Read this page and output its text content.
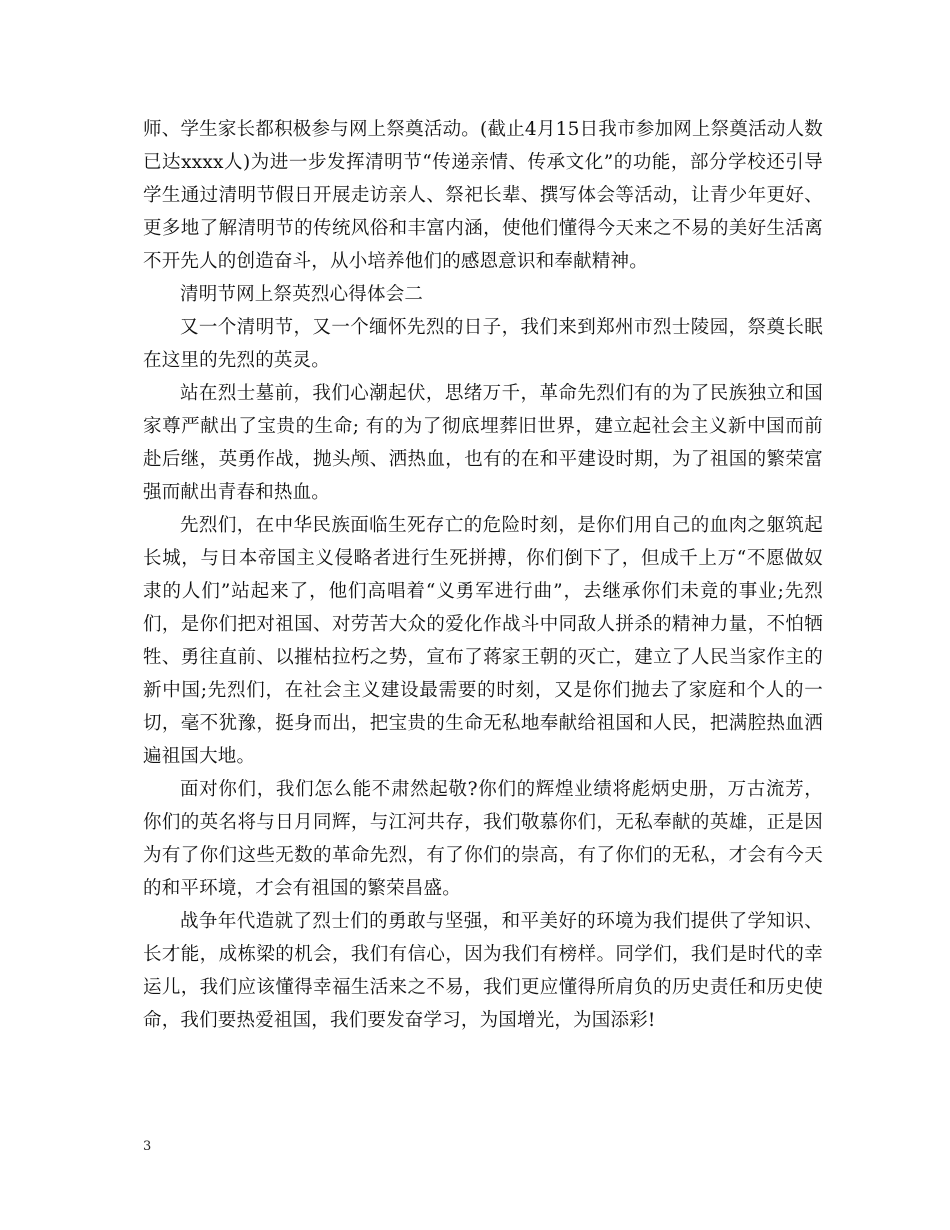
师、学生家长都积极参与网上祭奠活动。(截止4月15日我市参加网上祭奠活动人数已达xxxx人)为进一步发挥清明节“传递亲情、传承文化”的功能，部分学校还引导学生通过清明节假日开展走访亲人、祭祀长辈、撰写体会等活动，让青少年更好、更多地了解清明节的传统风俗和丰富内涵，使他们懂得今天来之不易的美好生活离不开先人的创造奋斗，从小培养他们的感恩意识和奉献精神。

清明节网上祭英烈心得体会二

又一个清明节，又一个缅怀先烈的日子，我们来到郑州市烈士陵园，祭奠长眠在这里的先烈的英灵。

站在烈士墓前，我们心潮起伏，思绪万千，革命先烈们有的为了民族独立和国家尊严献出了宝贵的生命; 有的为了彻底埋葬旧世界，建立起社会主义新中国而前赴后继，英勇作战，抛头颅、洒热血，也有的在和平建设时期，为了祖国的繁荣富强而献出青春和热血。

先烈们，在中华民族面临生死存亡的危险时刻，是你们用自己的血肉之躯筑起长城，与日本帝国主义侵略者进行生死拼搏，你们倒下了，但成千上万“不愿做奴隶的人们”站起来了，他们高唱着“义勇军进行曲”，去继承你们未竟的事业;先烈们，是你们把对祖国、对劳苦大众的爱化作战斗中同敌人拼杀的精神力量，不怕牺牲、勇往直前、以摧枯拉朽之势，宣布了蒋家王朝的灭亡，建立了人民当家作主的新中国;先烈们，在社会主义建设最需要的时刻，又是你们抛去了家庭和个人的一切，毫不犹豫，挺身而出，把宝贵的生命无私地奉献给祖国和人民，把满腔热血洒遍祖国大地。

面对你们，我们怎么能不肃然起敬?你们的辉煌业绩将彪炳史册，万古流芳，你们的英名将与日月同辉，与江河共存，我们敬慕你们，无私奉献的英雄，正是因为有了你们这些无数的革命先烈，有了你们的崇高，有了你们的无私，才会有今天的和平环境，才会有祖国的繁荣昌盛。

战争年代造就了烈士们的勇敢与坚强，和平美好的环境为我们提供了学知识、长才能，成栋梁的机会，我们有信心，因为我们有榜样。同学们，我们是时代的幸运儿，我们应该懂得幸福生活来之不易，我们更应懂得所肩负的历史责任和历史使命，我们要热爱祖国，我们要发奋学习，为国增光，为国添彩!

3
